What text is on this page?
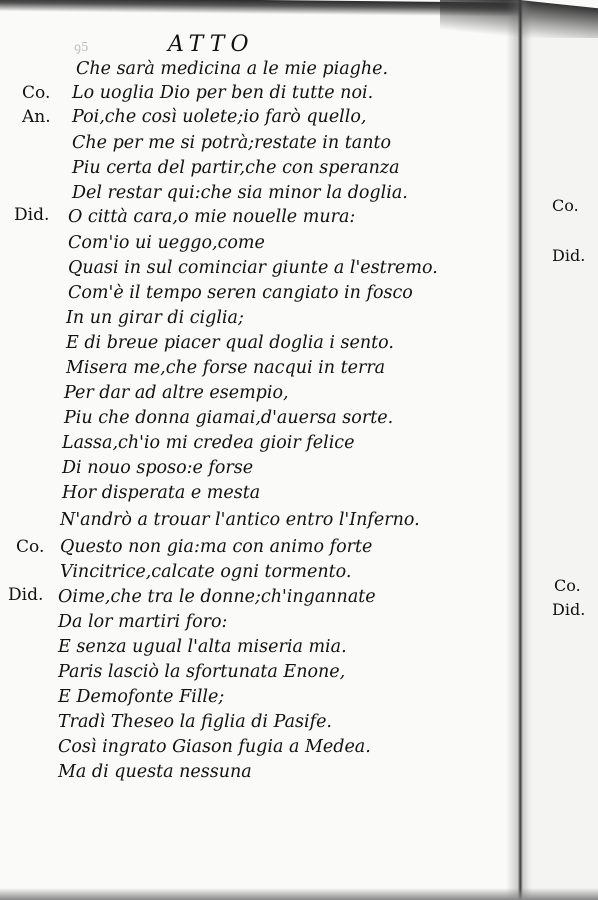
ꝯ5	ATTO
Co.
An.
Did.
Co.
Did.
Che sarà medicina a le mie piaghe.
Lo uoglia Dio per ben di tutte noi.
Poi,che così uolete;io farò quello,
Che per me si potrà;restate in tanto
Piu certa del partir,che con speranza
Del restar qui:che sia minor la doglia.
O città cara,o mie nouelle mura:
Com'io ui ueggo,come
Quasi in sul cominciar giunte a l'estremo.
Com'è il tempo seren cangiato in fosco
In un girar di ciglia;
E di breue piacer qual doglia i sento.
Misera me,che forse nacqui in terra
Per dar ad altre esempio,
Piu che donna giamai,d'auersa sorte.
Lassa,ch'io mi credea gioir felice
Di nouo sposo:e forse
Hor disperata e mesta
N'andrò a trouar l'antico entro l'Inferno.
Questo non gia:ma con animo forte
Vincitrice,calcate ogni tormento.
Oime,che tra le donne;ch'ingannate
Da lor martiri foro:
E senza ugual l'alta miseria mia.
Paris lasciò la sfortunata Enone,
E Demofonte Fille;
Tradì Theseo la figlia di Pasife.
Così ingrato Giason fugia a Medea.
Ma di questa nessuna
Co.
Did.
Co.
Did.
